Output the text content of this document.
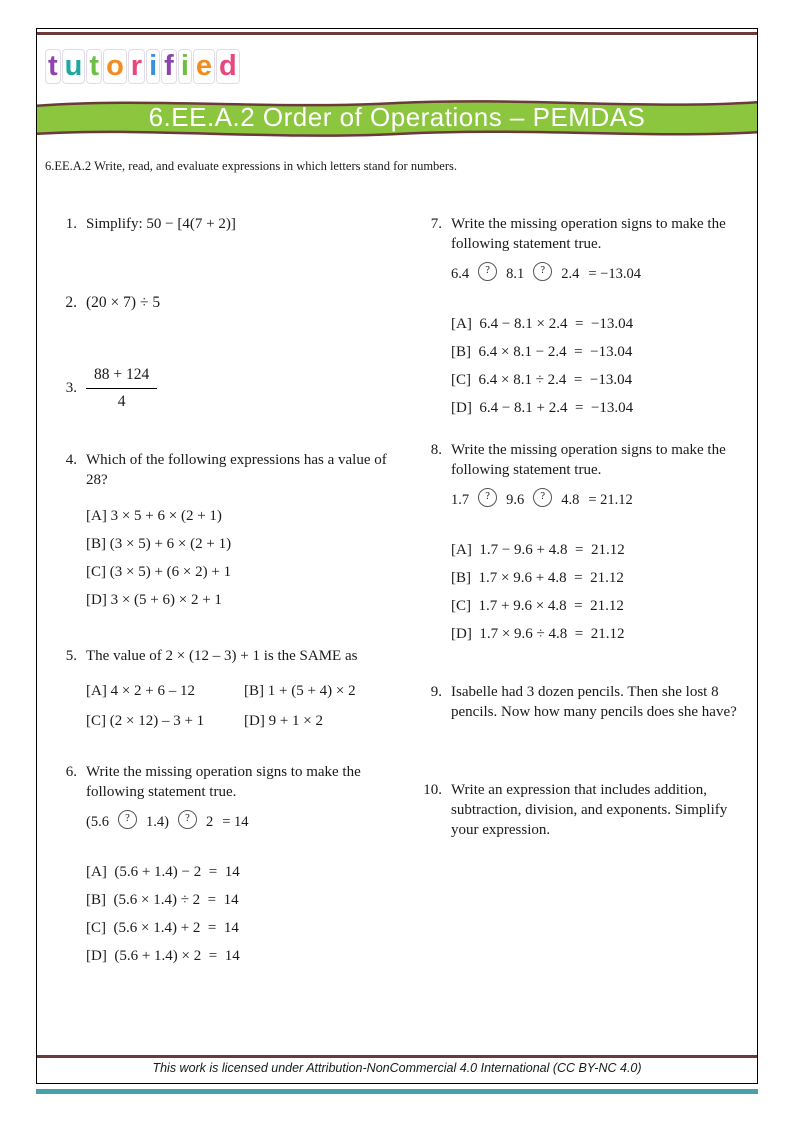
t u t o r i f i e d
6.EE.A.2 Order of Operations – PEMDAS
6.EE.A.2 Write, read, and evaluate expressions in which letters stand for numbers.
1. Simplify: 50 − [4(7 + 2)]
2. (20 × 7) ÷ 5
3. $\frac{88 + 124}{4}$
4. Which of the following expressions has a value of 28?
[A] 3 × 5 + 6 × (2 + 1)
[B] (3 × 5) + 6 × (2 + 1)
[C] (3 × 5) + (6 × 2) + 1
[D] 3 × (5 + 6) × 2 + 1
5. The value of 2 × (12 – 3) + 1 is the SAME as
[A] 4 × 2 + 6 – 12	[B] 1 + (5 + 4) × 2
[C] (2 × 12) – 3 + 1	[D] 9 + 1 × 2
6. Write the missing operation signs to make the following statement true.
(5.6 ? 1.4) ? 2 = 14
[A]  (5.6 + 1.4) − 2  =  14
[B]  (5.6 × 1.4) ÷ 2  =  14
[C]  (5.6 × 1.4) + 2  =  14
[D]  (5.6 + 1.4) × 2  =  14
7. Write the missing operation signs to make the following statement true.
6.4 ? 8.1 ? 2.4 = −13.04
[A]  6.4 − 8.1 × 2.4  =  −13.04
[B]  6.4 × 8.1 − 2.4  =  −13.04
[C]  6.4 × 8.1 ÷ 2.4  =  −13.04
[D]  6.4 − 8.1 + 2.4  =  −13.04
8. Write the missing operation signs to make the following statement true.
1.7 ? 9.6 ? 4.8 = 21.12
[A]  1.7 − 9.6 + 4.8  =  21.12
[B]  1.7 × 9.6 + 4.8  =  21.12
[C]  1.7 + 9.6 × 4.8  =  21.12
[D]  1.7 × 9.6 ÷ 4.8  =  21.12
9. Isabelle had 3 dozen pencils. Then she lost 8 pencils. Now how many pencils does she have?
10. Write an expression that includes addition, subtraction, division, and exponents. Simplify your expression.
This work is licensed under Attribution-NonCommercial 4.0 International (CC BY-NC 4.0)
